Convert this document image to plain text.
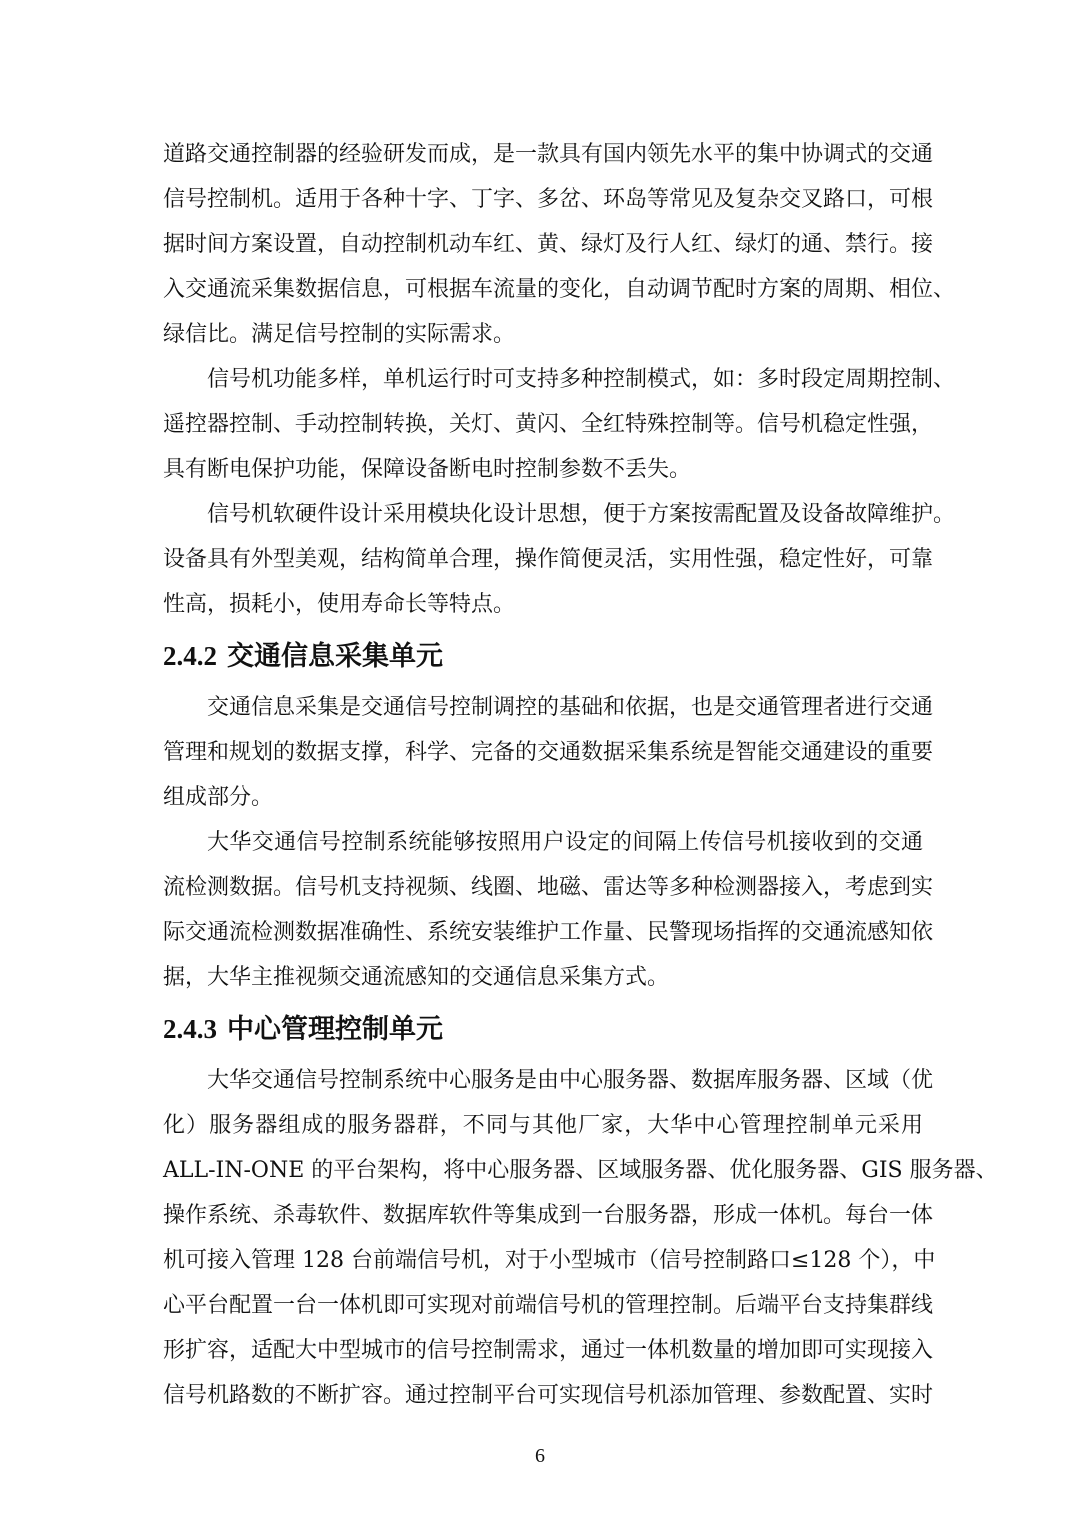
道路交通控制器的经验研发而成，是一款具有国内领先水平的集中协调式的交通
信号控制机。适用于各种十字、丁字、多岔、环岛等常见及复杂交叉路口，可根
据时间方案设置，自动控制机动车红、黄、绿灯及行人红、绿灯的通、禁行。接
入交通流采集数据信息，可根据车流量的变化，自动调节配时方案的周期、相位、
绿信比。满足信号控制的实际需求。
信号机功能多样，单机运行时可支持多种控制模式，如：多时段定周期控制、
遥控器控制、手动控制转换，关灯、黄闪、全红特殊控制等。信号机稳定性强，
具有断电保护功能，保障设备断电时控制参数不丢失。
信号机软硬件设计采用模块化设计思想，便于方案按需配置及设备故障维护。
设备具有外型美观，结构简单合理，操作简便灵活，实用性强，稳定性好，可靠
性高，损耗小，使用寿命长等特点。
2.4.2 交通信息采集单元
交通信息采集是交通信号控制调控的基础和依据，也是交通管理者进行交通
管理和规划的数据支撑，科学、完备的交通数据采集系统是智能交通建设的重要
组成部分。
大华交通信号控制系统能够按照用户设定的间隔上传信号机接收到的交通
流检测数据。信号机支持视频、线圈、地磁、雷达等多种检测器接入，考虑到实
际交通流检测数据准确性、系统安装维护工作量、民警现场指挥的交通流感知依
据，大华主推视频交通流感知的交通信息采集方式。
2.4.3 中心管理控制单元
大华交通信号控制系统中心服务是由中心服务器、数据库服务器、区域（优
化）服务器组成的服务器群，不同与其他厂家，大华中心管理控制单元采用
ALL-IN-ONE 的平台架构，将中心服务器、区域服务器、优化服务器、GIS 服务器、
操作系统、杀毒软件、数据库软件等集成到一台服务器，形成一体机。每台一体
机可接入管理 128 台前端信号机，对于小型城市（信号控制路口≤128 个），中
心平台配置一台一体机即可实现对前端信号机的管理控制。后端平台支持集群线
形扩容，适配大中型城市的信号控制需求，通过一体机数量的增加即可实现接入
信号机路数的不断扩容。通过控制平台可实现信号机添加管理、参数配置、实时
6
